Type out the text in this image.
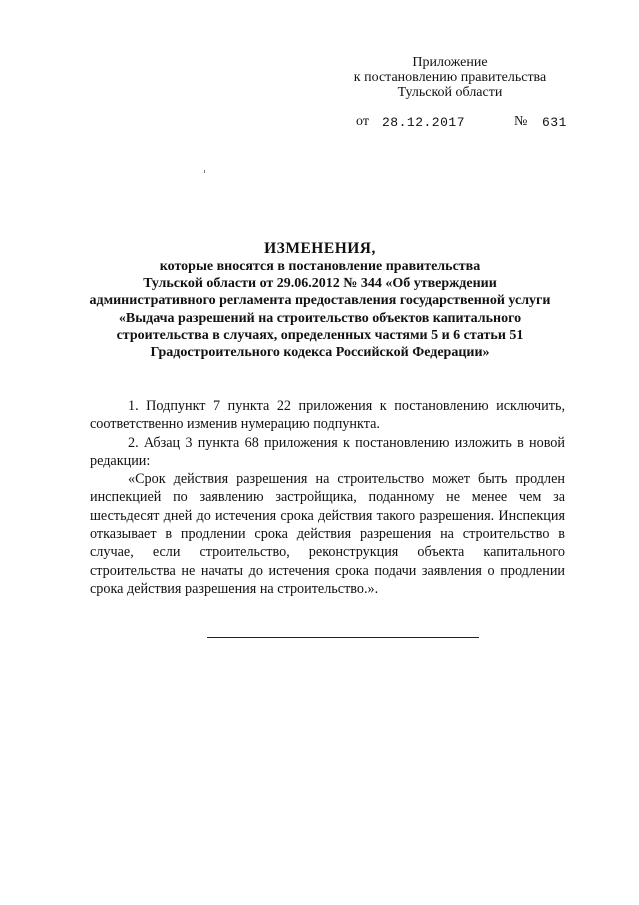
Приложение
к постановлению правительства
Тульской области
от 28.12.2017	№ 631
ИЗМЕНЕНИЯ,
которые вносятся в постановление правительства
Тульской области от 29.06.2012 № 344 «Об утверждении
административного регламента предоставления государственной услуги
«Выдача разрешений на строительство объектов капитального
строительства в случаях, определенных частями 5 и 6 статьи 51
Градостроительного кодекса Российской Федерации»

1. Подпункт 7 пункта 22 приложения к постановлению исключить, соответственно изменив нумерацию подпункта.

2. Абзац 3 пункта 68 приложения к постановлению изложить в новой редакции:

«Срок действия разрешения на строительство может быть продлен инспекцией по заявлению застройщика, поданному не менее чем за шестьдесят дней до истечения срока действия такого разрешения. Инспекция отказывает в продлении срока действия разрешения на строительство в случае, если строительство, реконструкция объекта капитального строительства не начаты до истечения срока подачи заявления о продлении срока действия разрешения на строительство.».
